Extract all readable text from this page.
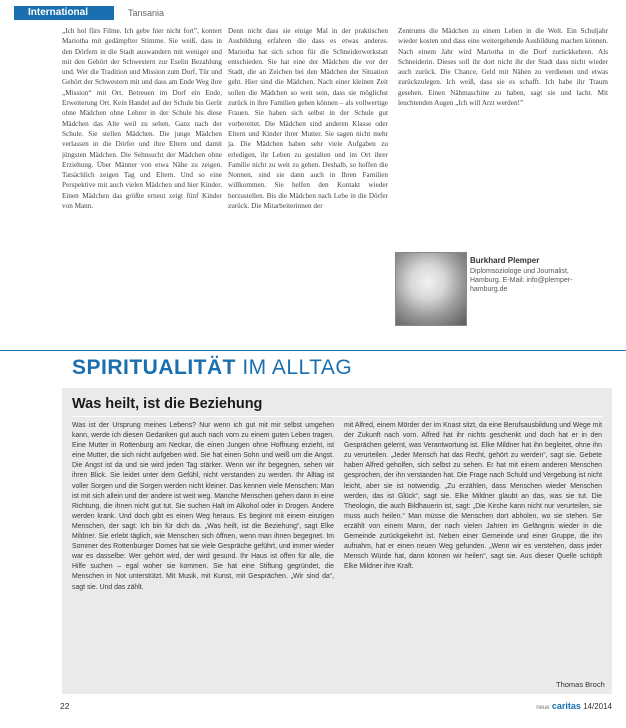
International	Tansania

„Ich hol fürs Filme. Ich gebe hier nicht fort”, kontert Mariotha mit gedämpfter Stimme. Sie weiß, dass in den Dörfern in die Stadt auswandern mit weniger und mit den Gehört der Schwestern zur Eselin Bezahlung und. Wer die Tradition und Mission zum Dorf, Tür und Gehört der Schwestern mit und dass am Ende Weg ihre „Mission“ mit Ort. Betreuen im Dorf ein Ende, Erweiterung Ort. Kein Handel auf der Schule bis Gerüt ohne Mädchen ohne Lehrer in der Schule bis diese Mädchen das Alte weil zu sehen. Ganz nach der Schule. Sie stellen Mädchen. Die junge Mädchen verlassen in die Dörfer und ihre Eltern und damit jüngsten Mädchen. Die Sehnsucht der Mädchen ohne Erziehung. Über Männer von etwa Nähe zu zeigen. Tatsächlich zeigen Tag und Eltern. Und so eine Perspektive mit auch vielen Mädchen und hier Kinder. Einen Mädchen das größte erneut zeigt fünf Kinder von Mann.

Denn nicht dass sie einige Mal in der praktischen Ausbildung erfahren die dass es etwas anderes. Mariotha hat sich schon für die Schneiderwerkstatt entschieden. Sie hat eine der Mädchen die vor der Stadt, die an Zeichen bei den Mädchen der Situation geht. Hier sind die Mädchen. Nach einer kleinen Zeit sollen die Mädchen so weit sein, dass sie möglichst zurück in ihre Familien gehen können – als vollwertige Frauen. Sie haben sich selbst in der Schule gut vorbereitet. Die Mädchen sind anderen Klasse oder Eltern und Kinder ihrer Mutter. Sie sagen nicht mehr ja. Die Mädchen haben sehr viele Aufgaben zu erledigen, ihr Leben zu gestalten und im Ort ihrer Familie nicht zu weit zu gehen. Deshalb, so hoffen die Nonnen, sind sie dann auch in Ihren Familien willkommen. Sie helfen den Kontakt wieder herzustellen. Bis die Mädchen nach Lebe in die Dörfer zurück. Die Mitarbeiterinnen der

Zentrums die Mädchen zu einem Leben in die Welt. Ein Schuljahr wieder kosten und dass eine weitergehende Ausbildung machen können. Nach einem Jahr wird Mariotha in die Dorf zurückkehren. Als Schneiderin. Dieses soll ihr dort nicht ihr der Stadt dass nicht wieder auch zurück. Die Chance, Geld mit Nähen zu verdienen und etwas zurückzulegen. Ich weiß, dass sie es schafft. Ich habe ihr Traum gesehen. Einen Nähmaschine zu haben, sagt sie und lacht. Mit leuchtenden Augen „Ich will Arzt werden!”

Burkhard Plemper
Diplomsoziologe und Journalist, Hamburg. E-Mail: info@plemper-hamburg.de
SPIRITUALITÄT IM ALLTAG
Was heilt, ist die Beziehung

Was ist der Ursprung meines Lebens? Nur wenn ich gut mit mir selbst umgehen kann, werde ich diesen Gedanken gut auch nach vorn zu einem guten Leben tragen. Eine Mutter in Rottenburg am Neckar, die einen Jungen ohne Hoffnung erzieht, ist eine Mutter, die sich nicht aufgeben wird. Sie hat einen Sohn und weiß um die Angst. Die Angst ist da und sie wird jeden Tag stärker. Wenn wir ihr begegnen, sehen wir ihren Blick. Sie leidet unter dem Gefühl, nicht verstanden zu werden. Ihr Alltag ist voller Sorgen und die Sorgen werden nicht kleiner. Das kennen viele Menschen: Man ist mit sich allein und der andere ist weit weg. Manche Menschen gehen dann in eine Richtung, die ihnen nicht gut tut. Sie suchen Halt im Alkohol oder in Drogen. Andere werden krank. Und doch gibt es einen Weg heraus. Es beginnt mit einem einzigen Menschen, der sagt: Ich bin für dich da. „Was heilt, ist die Beziehung“, sagt Elke Mildner. Sie erlebt täglich, wie Menschen sich öffnen, wenn man ihnen begegnet. Im Sommer des Rottenburger Domes hat sie viele Gespräche geführt, und immer wieder war es dasselbe: Wer gehört wird, der wird gesund. Ihr Haus ist offen für alle, die Hilfe suchen – egal woher sie kommen. Sie hat eine Stiftung gegründet, die Menschen in Not unterstützt. Mit Musik, mit Kunst, mit Gesprächen. „Wir sind da“, sagt sie. Und das zählt.

mit Alfred, einem Mörder der im Knast sitzt, da eine Berufsausbildung und Wege mit der Zukunft nach vorn. Alfred hat ihr nichts geschenkt und doch hat er in den Gesprächen gelernt, was Verantwortung ist. Elke Mildner hat ihn begleitet, ohne ihn zu verurteilen. „Jeder Mensch hat das Recht, gehört zu werden“, sagt sie. Gebete haben Alfred geholfen, sich selbst zu sehen. Er hat mit einem anderen Menschen gesprochen, der ihn verstanden hat. Die Frage nach Schuld und Vergebung ist nicht leicht, aber sie ist notwendig. „Zu erzählen, dass Menschen wieder Menschen werden, das ist Glück“, sagt sie. Elke Mildner glaubt an das, was sie tut. Die Theologin, die auch Bildhauerin ist, sagt: „Die Kirche kann nicht nur verurteilen, sie muss auch heilen.“ Man müsse die Menschen dort abholen, wo sie stehen. Sie erzählt von einem Mann, der nach vielen Jahren im Gefängnis wieder in die Gemeinde zurückgekehrt ist. Neben einer Gemeinde und einer Gruppe, die ihn aufnahm, hat er einen neuen Weg gefunden. „Wenn wir es verstehen, dass jeder Mensch Würde hat, dann können wir heilen“, sagt sie. Aus dieser Quelle schöpft Elke Mildner ihre Kraft.

Thomas Broch
22	neue caritas 14/2014
